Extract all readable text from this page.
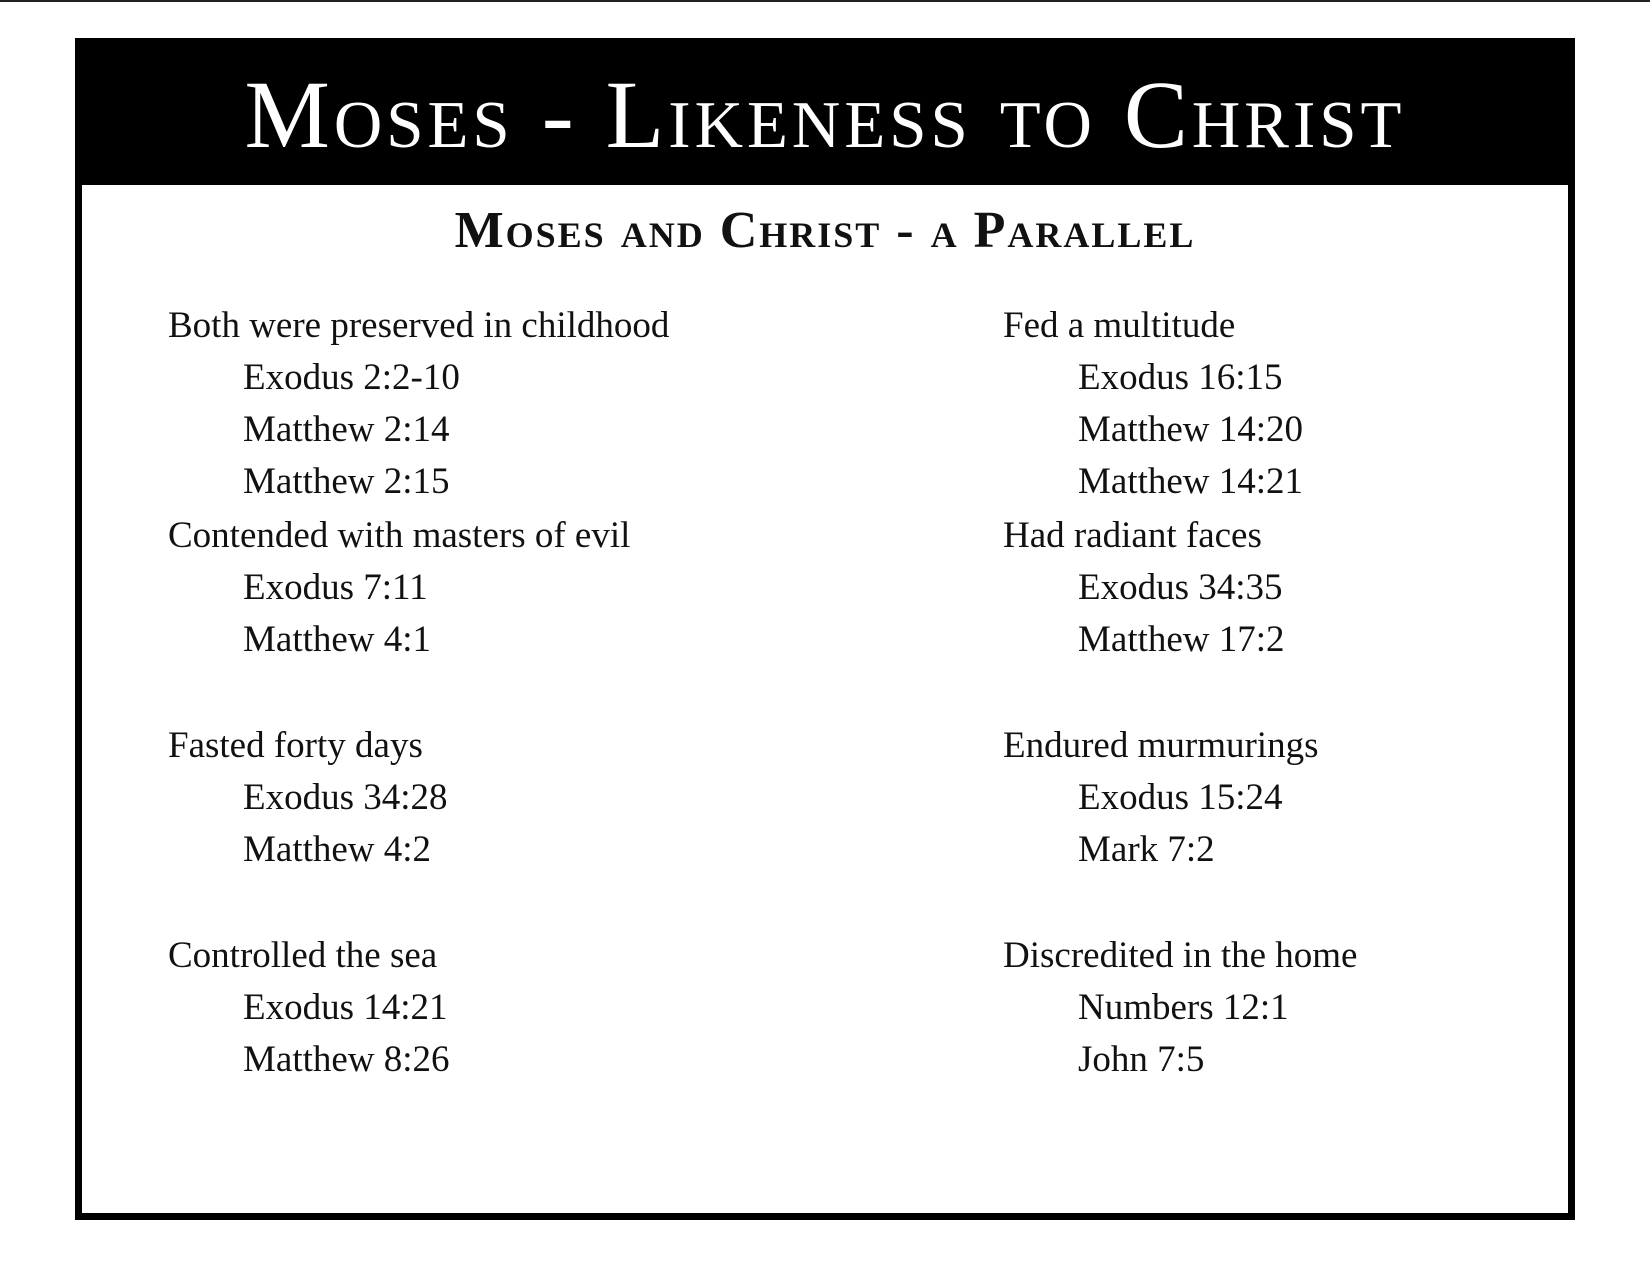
Moses - Likeness to Christ
Moses and Christ - a Parallel
Both were preserved in childhood
Exodus 2:2-10
Matthew 2:14
Matthew 2:15
Contended with masters of evil
Exodus 7:11
Matthew 4:1
Fasted forty days
Exodus 34:28
Matthew 4:2
Controlled the sea
Exodus 14:21
Matthew 8:26
Fed a multitude
Exodus 16:15
Matthew 14:20
Matthew 14:21
Had radiant faces
Exodus 34:35
Matthew 17:2
Endured murmurings
Exodus 15:24
Mark 7:2
Discredited in the home
Numbers 12:1
John 7:5
